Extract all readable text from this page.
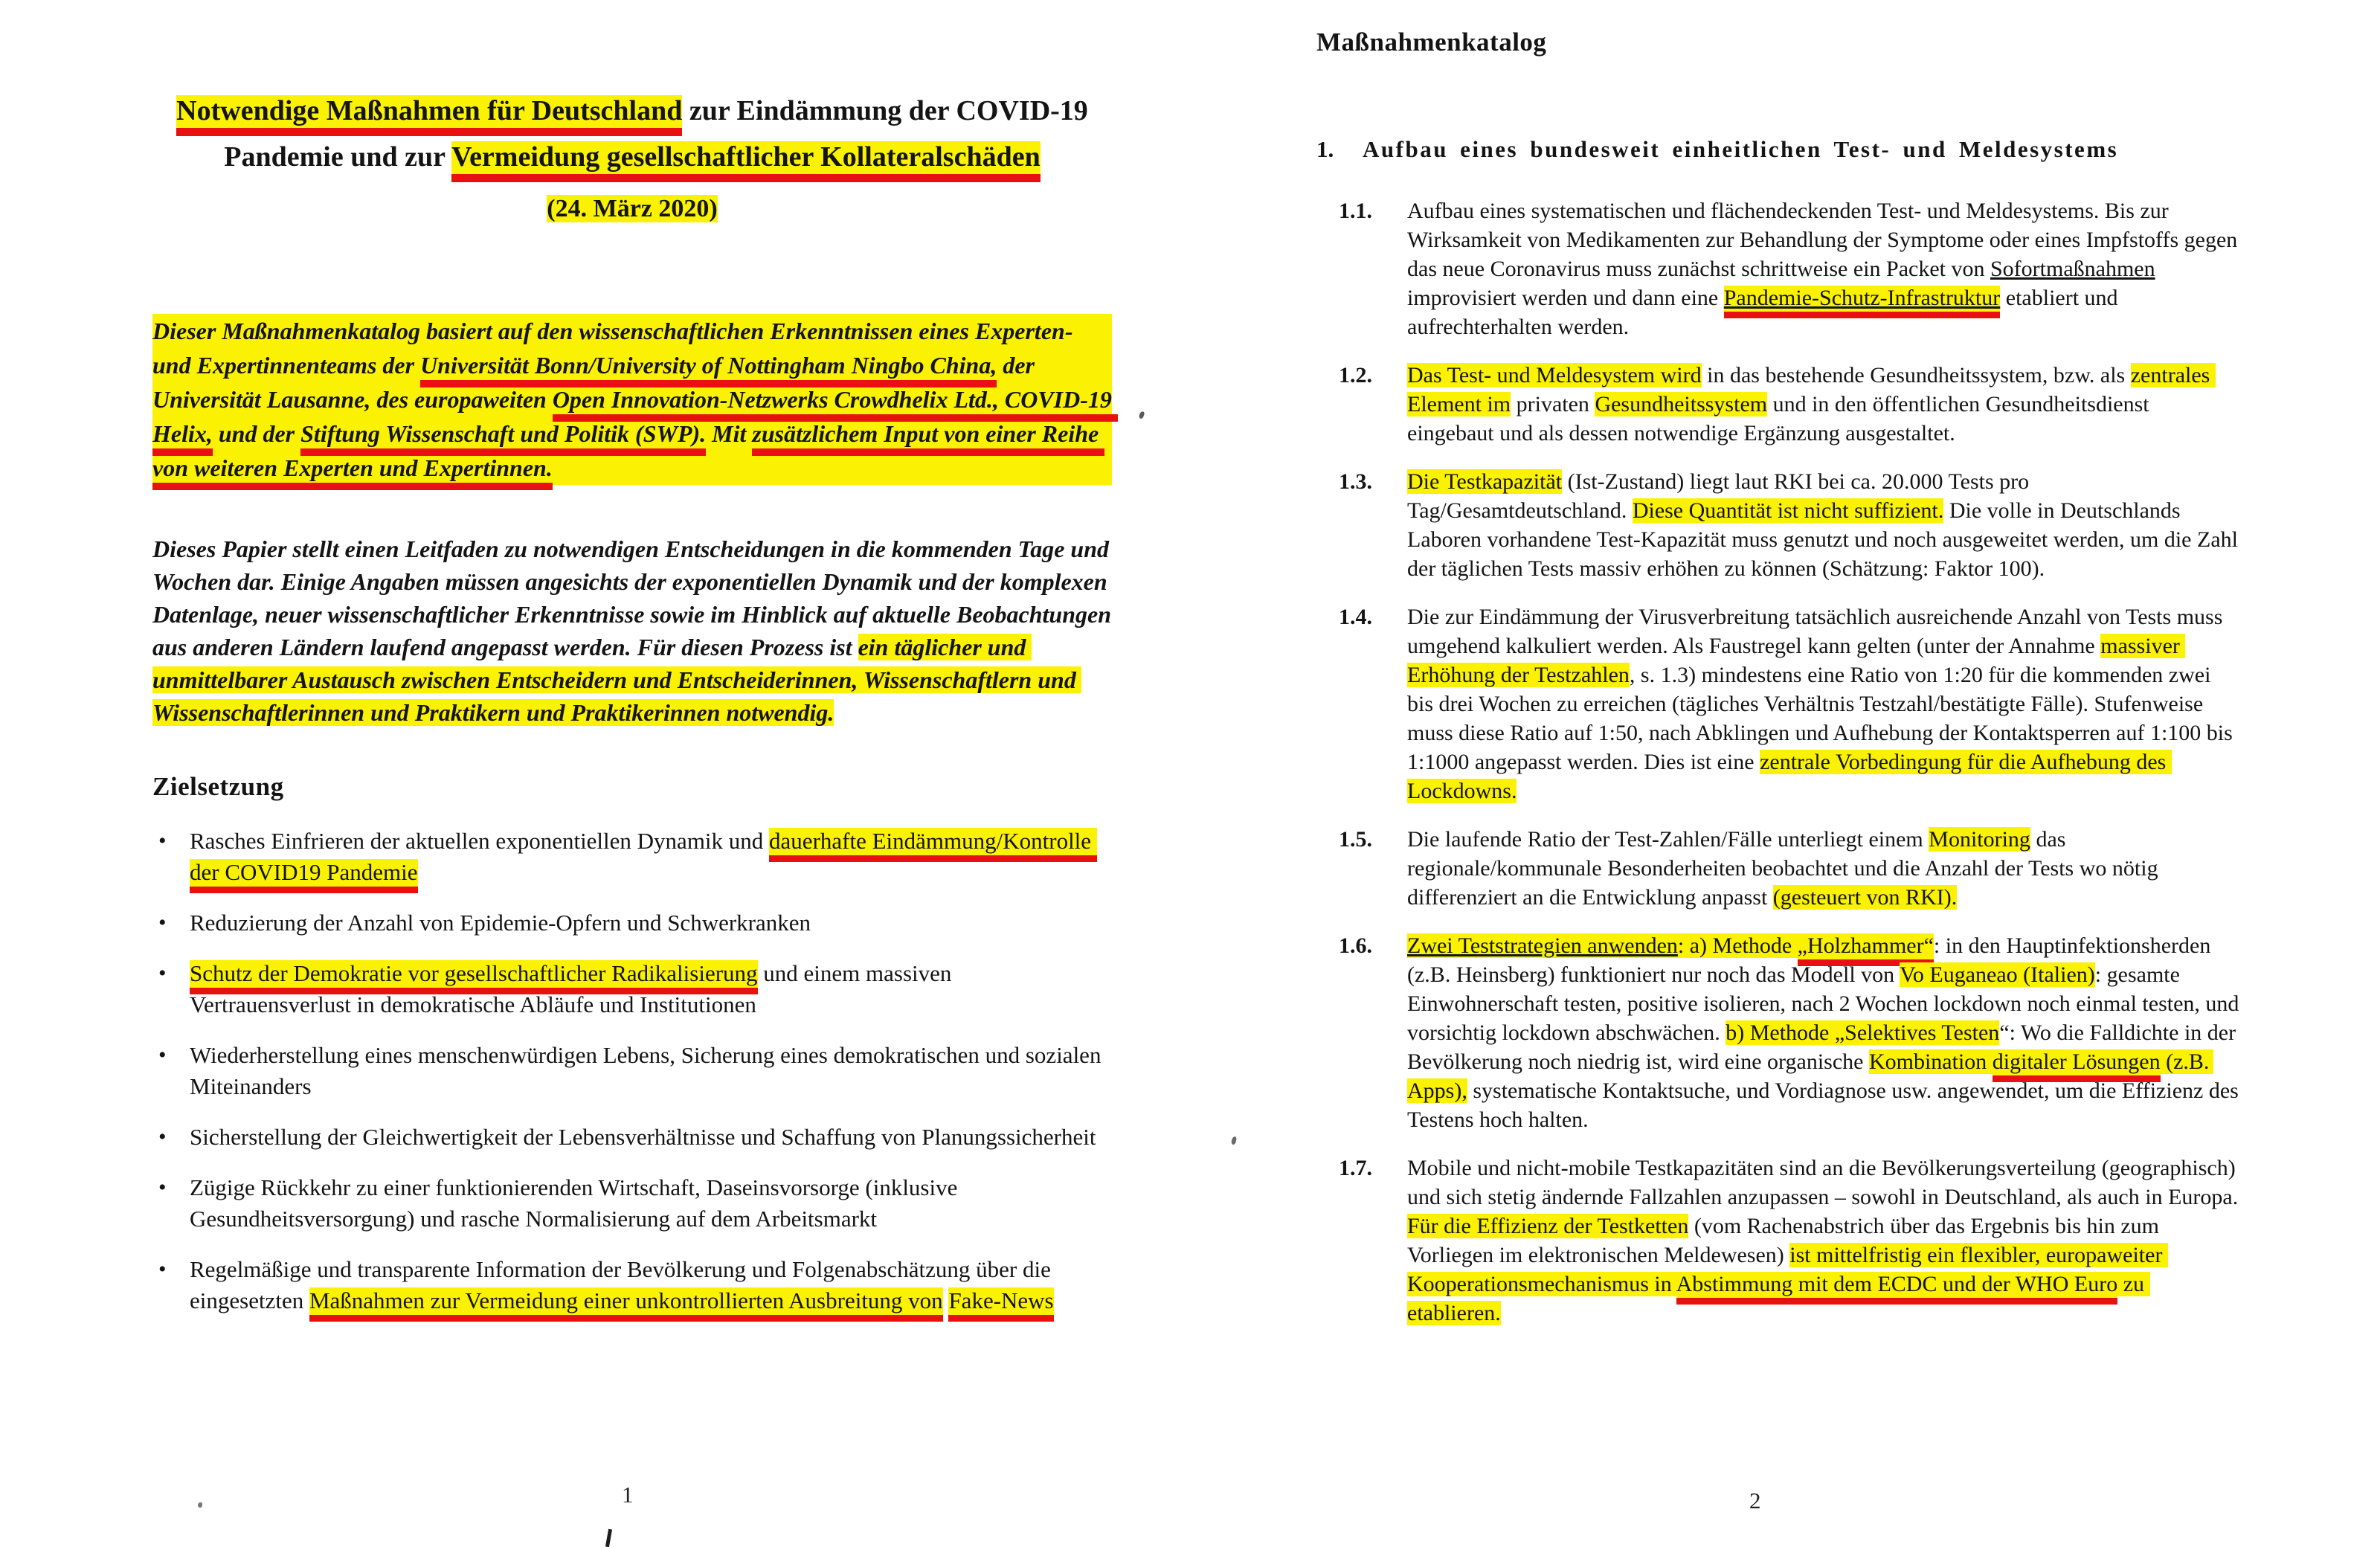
Notwendige Maßnahmen für Deutschland zur Eindämmung der COVID-19
Pandemie und zur Vermeidung gesellschaftlicher Kollateralschäden
(24. März 2020)

Dieser Maßnahmenkatalog basiert auf den wissenschaftlichen Erkenntnissen eines Experten- und Expertinnenteams der Universität Bonn/University of Nottingham Ningbo China, der Universität Lausanne, des europaweiten Open Innovation-Netzwerks Crowdhelix Ltd., COVID-19 Helix, und der Stiftung Wissenschaft und Politik (SWP). Mit zusätzlichem Input von einer Reihe von weiteren Experten und Expertinnen.

Dieses Papier stellt einen Leitfaden zu notwendigen Entscheidungen in die kommenden Tage und Wochen dar. Einige Angaben müssen angesichts der exponentiellen Dynamik und der komplexen Datenlage, neuer wissenschaftlicher Erkenntnisse sowie im Hinblick auf aktuelle Beobachtungen aus anderen Ländern laufend angepasst werden. Für diesen Prozess ist ein täglicher und unmittelbarer Austausch zwischen Entscheidern und Entscheiderinnen, Wissenschaftlern und Wissenschaftlerinnen und Praktikern und Praktikerinnen notwendig.

Zielsetzung
• Rasches Einfrieren der aktuellen exponentiellen Dynamik und dauerhafte Eindämmung/Kontrolle der COVID19 Pandemie
• Reduzierung der Anzahl von Epidemie-Opfern und Schwerkranken
• Schutz der Demokratie vor gesellschaftlicher Radikalisierung und einem massiven Vertrauensverlust in demokratische Abläufe und Institutionen
• Wiederherstellung eines menschenwürdigen Lebens, Sicherung eines demokratischen und sozialen Miteinanders
• Sicherstellung der Gleichwertigkeit der Lebensverhältnisse und Schaffung von Planungssicherheit
• Zügige Rückkehr zu einer funktionierenden Wirtschaft, Daseinsvorsorge (inklusive Gesundheitsversorgung) und rasche Normalisierung auf dem Arbeitsmarkt
• Regelmäßige und transparente Information der Bevölkerung und Folgenabschätzung über die eingesetzten Maßnahmen zur Vermeidung einer unkontrollierten Ausbreitung von Fake-News
Maßnahmenkatalog
1.	Aufbau eines bundesweit einheitlichen Test- und Meldesystems
1.1.	Aufbau eines systematischen und flächendeckenden Test- und Meldesystems. Bis zur Wirksamkeit von Medikamenten zur Behandlung der Symptome oder eines Impfstoffs gegen das neue Coronavirus muss zunächst schrittweise ein Packet von Sofortmaßnahmen improvisiert werden und dann eine Pandemie-Schutz-Infrastruktur etabliert und aufrechterhalten werden.
1.2.	Das Test- und Meldesystem wird in das bestehende Gesundheitssystem, bzw. als zentrales Element im privaten Gesundheitssystem und in den öffentlichen Gesundheitsdienst eingebaut und als dessen notwendige Ergänzung ausgestaltet.
1.3.	Die Testkapazität (Ist-Zustand) liegt laut RKI bei ca. 20.000 Tests pro Tag/Gesamtdeutschland. Diese Quantität ist nicht suffizient. Die volle in Deutschlands Laboren vorhandene Test-Kapazität muss genutzt und noch ausgeweitet werden, um die Zahl der täglichen Tests massiv erhöhen zu können (Schätzung: Faktor 100).
1.4.	Die zur Eindämmung der Virusverbreitung tatsächlich ausreichende Anzahl von Tests muss umgehend kalkuliert werden. Als Faustregel kann gelten (unter der Annahme massiver Erhöhung der Testzahlen, s. 1.3) mindestens eine Ratio von 1:20 für die kommenden zwei bis drei Wochen zu erreichen (tägliches Verhältnis Testzahl/bestätigte Fälle). Stufenweise muss diese Ratio auf 1:50, nach Abklingen und Aufhebung der Kontaktsperren auf 1:100 bis 1:1000 angepasst werden. Dies ist eine zentrale Vorbedingung für die Aufhebung des Lockdowns.
1.5.	Die laufende Ratio der Test-Zahlen/Fälle unterliegt einem Monitoring das regionale/kommunale Besonderheiten beobachtet und die Anzahl der Tests wo nötig differenziert an die Entwicklung anpasst (gesteuert von RKI).
1.6.	Zwei Teststrategien anwenden: a) Methode „Holzhammer“: in den Hauptinfektionsherden (z.B. Heinsberg) funktioniert nur noch das Modell von Vo Euganeao (Italien): gesamte Einwohnerschaft testen, positive isolieren, nach 2 Wochen lockdown noch einmal testen, und vorsichtig lockdown abschwächen. b) Methode „Selektives Testen“: Wo die Falldichte in der Bevölkerung noch niedrig ist, wird eine organische Kombination digitaler Lösungen (z.B. Apps), systematische Kontaktsuche, und Vordiagnose usw. angewendet, um die Effizienz des Testens hoch halten.
1.7.	Mobile und nicht-mobile Testkapazitäten sind an die Bevölkerungsverteilung (geographisch) und sich stetig ändernde Fallzahlen anzupassen – sowohl in Deutschland, als auch in Europa. Für die Effizienz der Testketten (vom Rachenabstrich über das Ergebnis bis hin zum Vorliegen im elektronischen Meldewesen) ist mittelfristig ein flexibler, europaweiter Kooperationsmechanismus in Abstimmung mit dem ECDC und der WHO Euro zu etablieren.
1	2
